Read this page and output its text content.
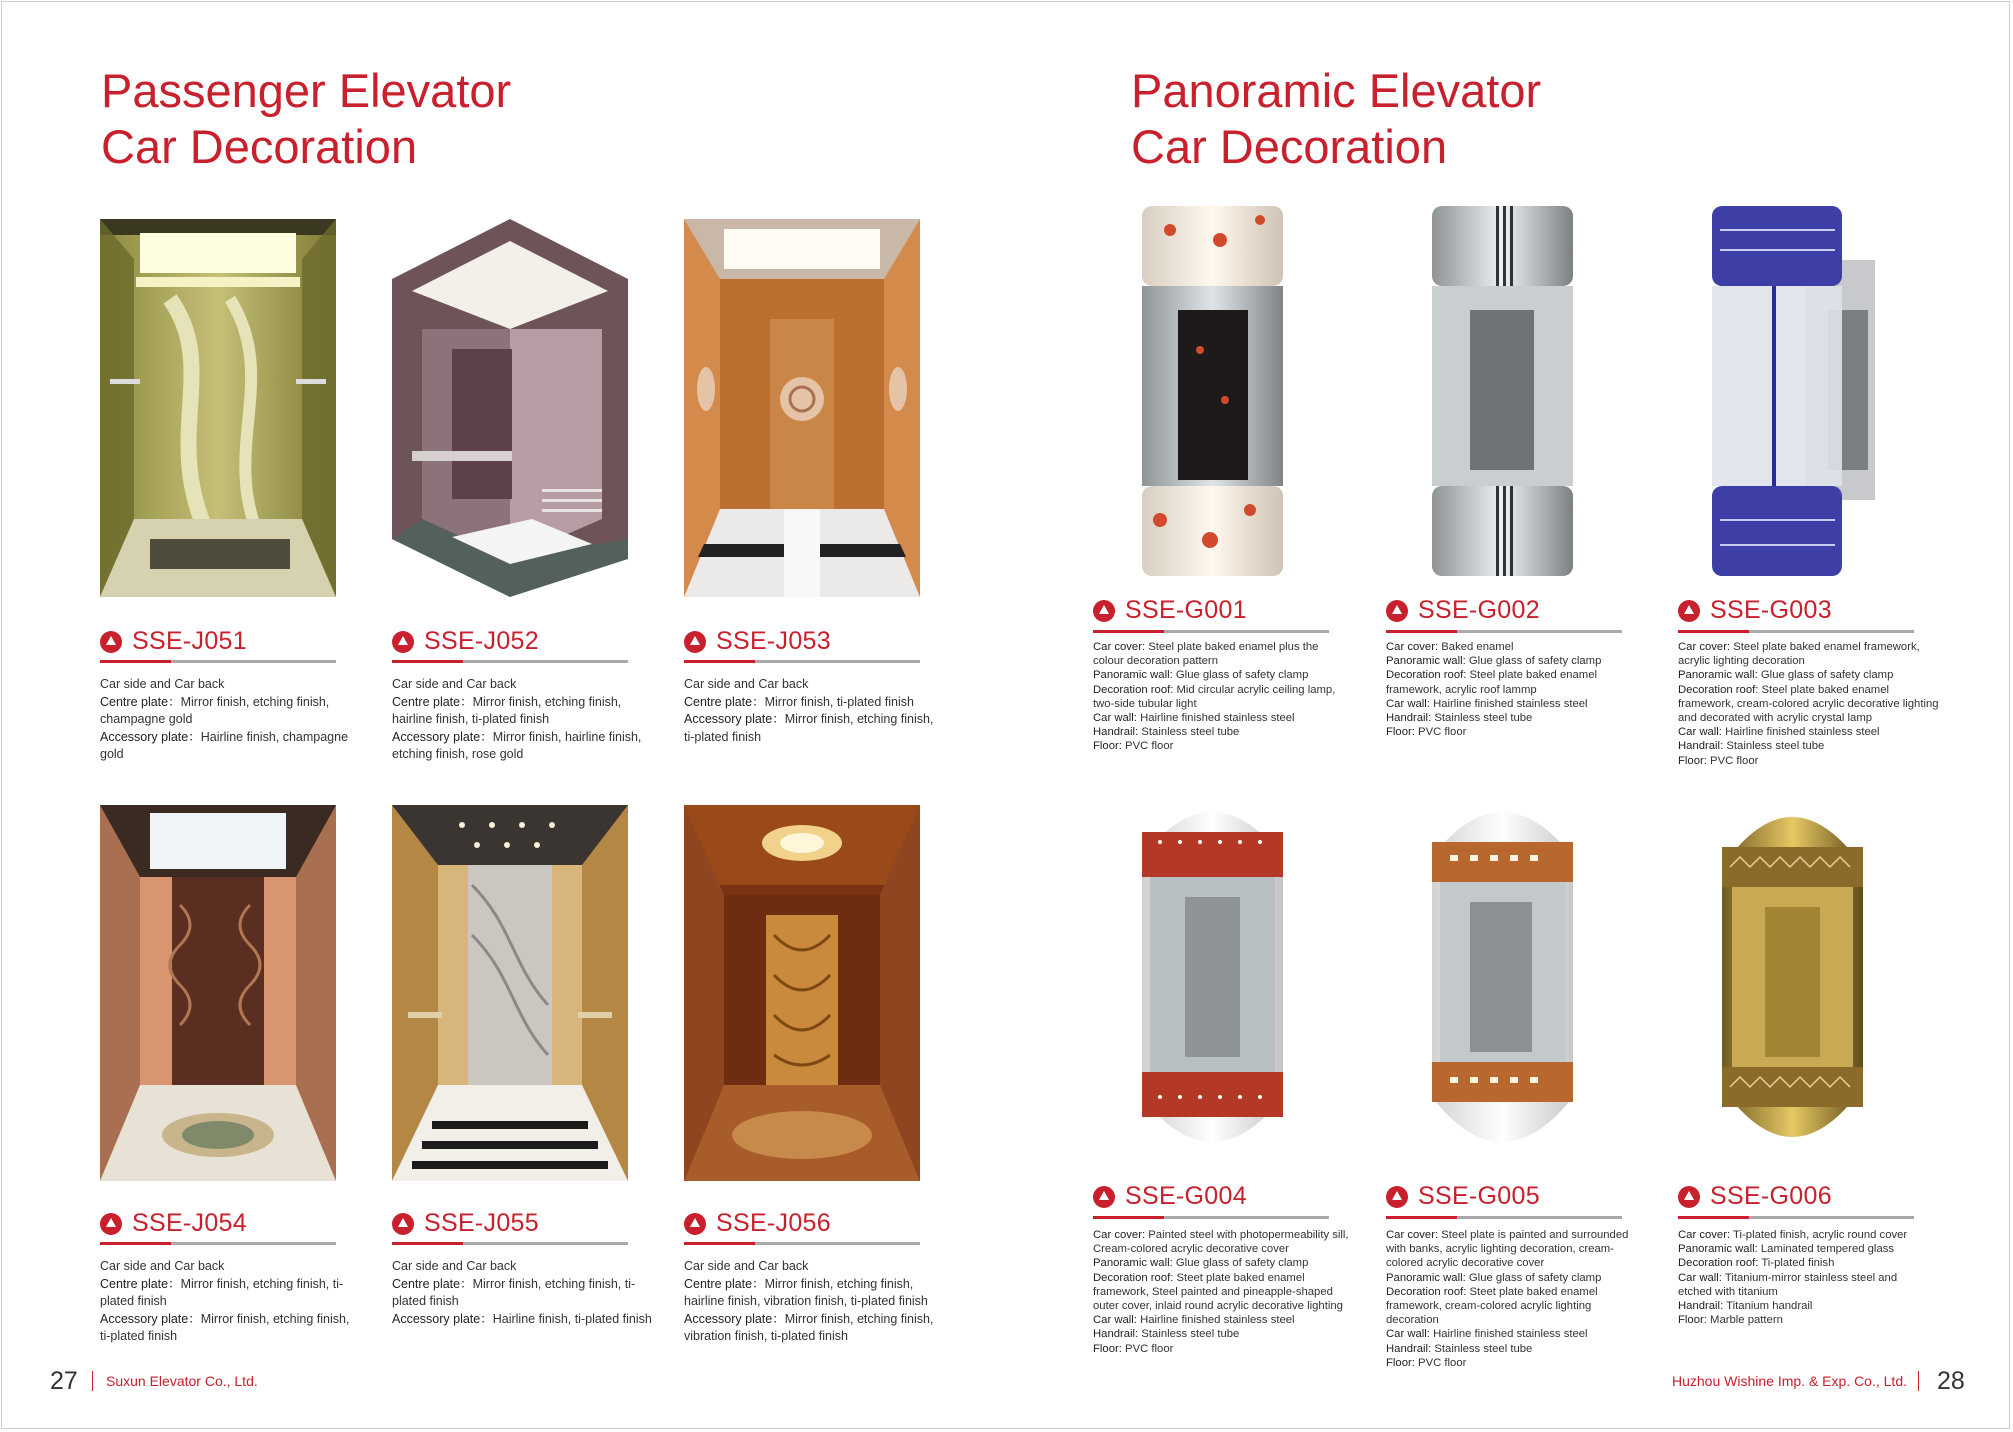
Passenger Elevator
Car Decoration
Panoramic Elevator
Car Decoration
SSE-J051

Car side and Car back

Centre plate：Mirror finish, etching finish, champagne gold

Accessory plate：Hairline finish, champagne gold

SSE-J052

Car side and Car back

Centre plate：Mirror finish, etching finish, hairline finish, ti-plated finish

Accessory plate：Mirror finish, hairline finish, etching finish, rose gold

SSE-J053

Car side and Car back

Centre plate：Mirror finish, ti-plated finish

Accessory plate：Mirror finish, etching finish, ti-plated finish

SSE-J054

Car side and Car back

Centre plate：Mirror finish, etching finish, ti-plated finish

Accessory plate：Mirror finish, etching finish, ti-plated finish

SSE-J055

Car side and Car back

Centre plate：Mirror finish, etching finish, ti-plated finish

Accessory plate：Hairline finish, ti-plated finish

SSE-J056

Car side and Car back

Centre plate：Mirror finish, etching finish, hairline finish, vibration finish, ti-plated finish

Accessory plate：Mirror finish, etching finish, vibration finish, ti-plated finish

SSE-G001

Car cover: Steel plate baked enamel plus the colour decoration pattern

Panoramic wall: Glue glass of safety clamp

Decoration roof: Mid circular acrylic ceiling lamp, two-side tubular light

Car wall: Hairline finished stainless steel

Handrail: Stainless steel tube

Floor: PVC floor

SSE-G002

Car cover: Baked enamel

Panoramic wall: Glue glass of safety clamp

Decoration roof: Steel plate baked enamel framework, acrylic roof lammp

Car wall: Hairline finished stainless steel

Handrail: Stainless steel tube

Floor: PVC floor

SSE-G003

Car cover: Steel plate baked enamel framework, acrylic lighting decoration

Panoramic wall: Glue glass of safety clamp

Decoration roof: Steel plate baked enamel framework, cream-colored acrylic decorative lighting and decorated with acrylic crystal lamp

Car wall: Hairline finished stainless steel

Handrail: Stainless steel tube

Floor: PVC floor

SSE-G004

Car cover: Painted steel with photopermeability sill, Cream-colored acrylic decorative cover

Panoramic wall: Glue glass of safety clamp

Decoration roof: Steet plate baked enamel framework, Steel painted and pineapple-shaped outer cover, inlaid round acrylic decorative lighting

Car wall: Hairline finished stainless steel

Handrail: Stainless steel tube

Floor: PVC floor

SSE-G005

Car cover: Steel plate is painted and surrounded with banks, acrylic lighting decoration, cream-colored acrylic decorative cover

Panoramic wall: Glue glass of safety clamp

Decoration roof: Steet plate baked enamel framework, cream-colored acrylic lighting decoration

Car wall: Hairline finished stainless steel

Handrail: Stainless steel tube

Floor: PVC floor

SSE-G006

Car cover: Ti-plated finish, acrylic round cover

Panoramic wall: Laminated tempered glass

Decoration roof: Ti-plated finish

Car wall: Titanium-mirror stainless steel and etched with titanium

Handrail: Titanium handrail

Floor: Marble pattern

27 Suxun Elevator Co., Ltd.	Huzhou Wishine Imp. & Exp. Co., Ltd. 28
